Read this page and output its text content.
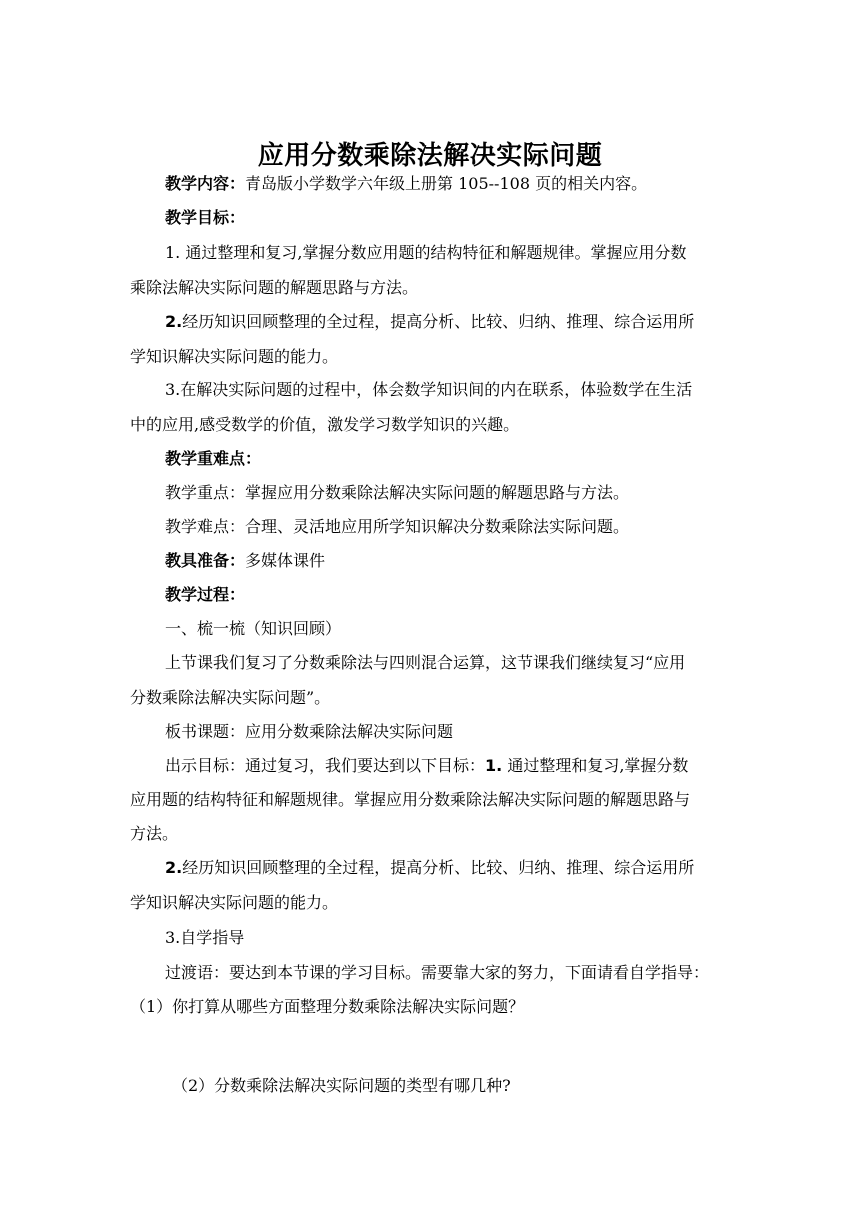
应用分数乘除法解决实际问题
教学内容：青岛版小学数学六年级上册第 105--108 页的相关内容。
教学目标：
1. 通过整理和复习,掌握分数应用题的结构特征和解题规律。掌握应用分数
乘除法解决实际问题的解题思路与方法。
2.经历知识回顾整理的全过程，提高分析、比较、归纳、推理、综合运用所
学知识解决实际问题的能力。
3.在解决实际问题的过程中，体会数学知识间的内在联系，体验数学在生活
中的应用,感受数学的价值，激发学习数学知识的兴趣。
教学重难点：
教学重点：掌握应用分数乘除法解决实际问题的解题思路与方法。
教学难点：合理、灵活地应用所学知识解决分数乘除法实际问题。
教具准备：多媒体课件
教学过程：
一、梳一梳（知识回顾）
上节课我们复习了分数乘除法与四则混合运算，这节课我们继续复习“应用
分数乘除法解决实际问题”。
板书课题：应用分数乘除法解决实际问题
出示目标：通过复习，我们要达到以下目标：1. 通过整理和复习,掌握分数
应用题的结构特征和解题规律。掌握应用分数乘除法解决实际问题的解题思路与
方法。
2.经历知识回顾整理的全过程，提高分析、比较、归纳、推理、综合运用所
学知识解决实际问题的能力。
3.自学指导
过渡语：要达到本节课的学习目标。需要靠大家的努力，下面请看自学指导：
（1）你打算从哪些方面整理分数乘除法解决实际问题？
（2）分数乘除法解决实际问题的类型有哪几种?
